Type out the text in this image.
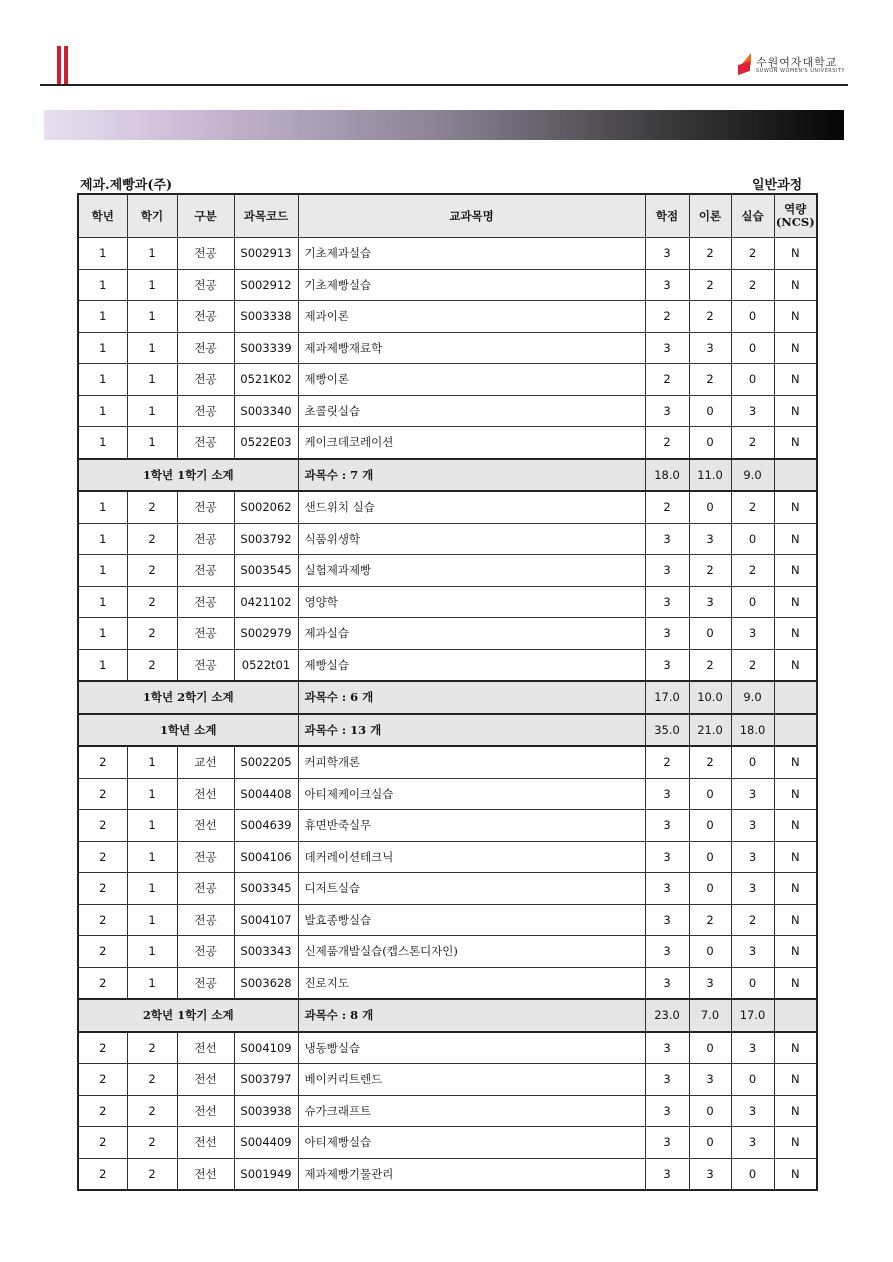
수원여자대학교
SUWON WOMEN'S UNIVERSITY
제과.제빵과(주)	일반과정
학년	학기	구분	과목코드	교과목명	학점	이론	실습	역량
(NCS)
1	1	전공	S002913	기초제과실습	3	2	2	N
1	1	전공	S002912	기초제빵실습	3	2	2	N
1	1	전공	S003338	제과이론	2	2	0	N
1	1	전공	S003339	제과제빵재료학	3	3	0	N
1	1	전공	0521K02	제빵이론	2	2	0	N
1	1	전공	S003340	초콜릿실습	3	0	3	N
1	1	전공	0522E03	케이크데코레이션	2	0	2	N
1학년 1학기 소계				과목수 : 7 개	18.0	11.0	9.0	
1	2	전공	S002062	샌드위치 실습	2	0	2	N
1	2	전공	S003792	식품위생학	3	3	0	N
1	2	전공	S003545	실험제과제빵	3	2	2	N
1	2	전공	0421102	영양학	3	3	0	N
1	2	전공	S002979	제과실습	3	0	3	N
1	2	전공	0522t01	제빵실습	3	2	2	N
1학년 2학기 소계				과목수 : 6 개	17.0	10.0	9.0	
1학년 소계				과목수 : 13 개	35.0	21.0	18.0	
2	1	교선	S002205	커피학개론	2	2	0	N
2	1	전선	S004408	아티제케이크실습	3	0	3	N
2	1	전선	S004639	휴면반죽실무	3	0	3	N
2	1	전공	S004106	데커레이션테크닉	3	0	3	N
2	1	전공	S003345	디저트실습	3	0	3	N
2	1	전공	S004107	발효종빵실습	3	2	2	N
2	1	전공	S003343	신제품개발실습(캡스톤디자인)	3	0	3	N
2	1	전공	S003628	진로지도	3	3	0	N
2학년 1학기 소계				과목수 : 8 개	23.0	7.0	17.0	
2	2	전선	S004109	냉동빵실습	3	0	3	N
2	2	전선	S003797	베이커리트렌드	3	3	0	N
2	2	전선	S003938	슈가크래프트	3	0	3	N
2	2	전선	S004409	아티제빵실습	3	0	3	N
2	2	전선	S001949	제과제빵기물관리	3	3	0	N
